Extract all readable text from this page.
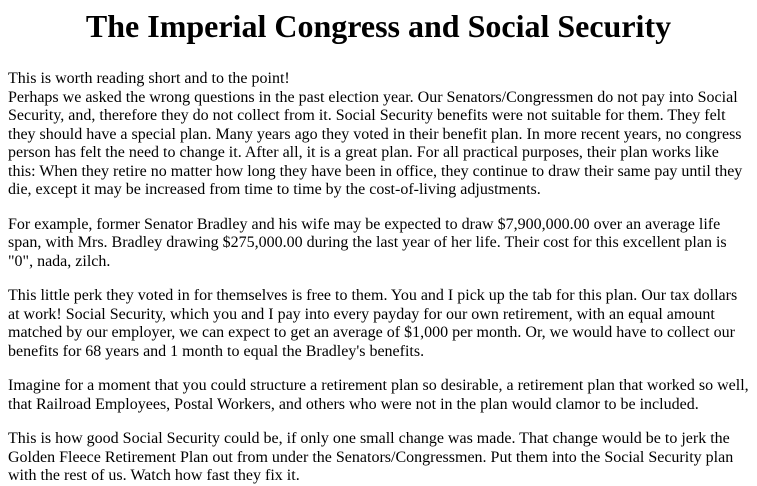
The Imperial Congress and Social Security

This is worth reading short and to the point!

Perhaps we asked the wrong questions in the past election year. Our Senators/Congressmen do not pay into Social Security, and, therefore they do not collect from it. Social Security benefits were not suitable for them. They felt they should have a special plan. Many years ago they voted in their benefit plan. In more recent years, no congress person has felt the need to change it. After all, it is a great plan. For all practical purposes, their plan works like this: When they retire no matter how long they have been in office, they continue to draw their same pay until they die, except it may be increased from time to time by the cost-of-living adjustments.

For example, former Senator Bradley and his wife may be expected to draw $7,900,000.00 over an average life span, with Mrs. Bradley drawing $275,000.00 during the last year of her life. Their cost for this excellent plan is "0", nada, zilch.

This little perk they voted in for themselves is free to them. You and I pick up the tab for this plan. Our tax dollars at work! Social Security, which you and I pay into every payday for our own retirement, with an equal amount matched by our employer, we can expect to get an average of $1,000 per month. Or, we would have to collect our benefits for 68 years and 1 month to equal the Bradley's benefits.

Imagine for a moment that you could structure a retirement plan so desirable, a retirement plan that worked so well, that Railroad Employees, Postal Workers, and others who were not in the plan would clamor to be included.

This is how good Social Security could be, if only one small change was made. That change would be to jerk the Golden Fleece Retirement Plan out from under the Senators/Congressmen. Put them into the Social Security plan with the rest of us. Watch how fast they fix it.
